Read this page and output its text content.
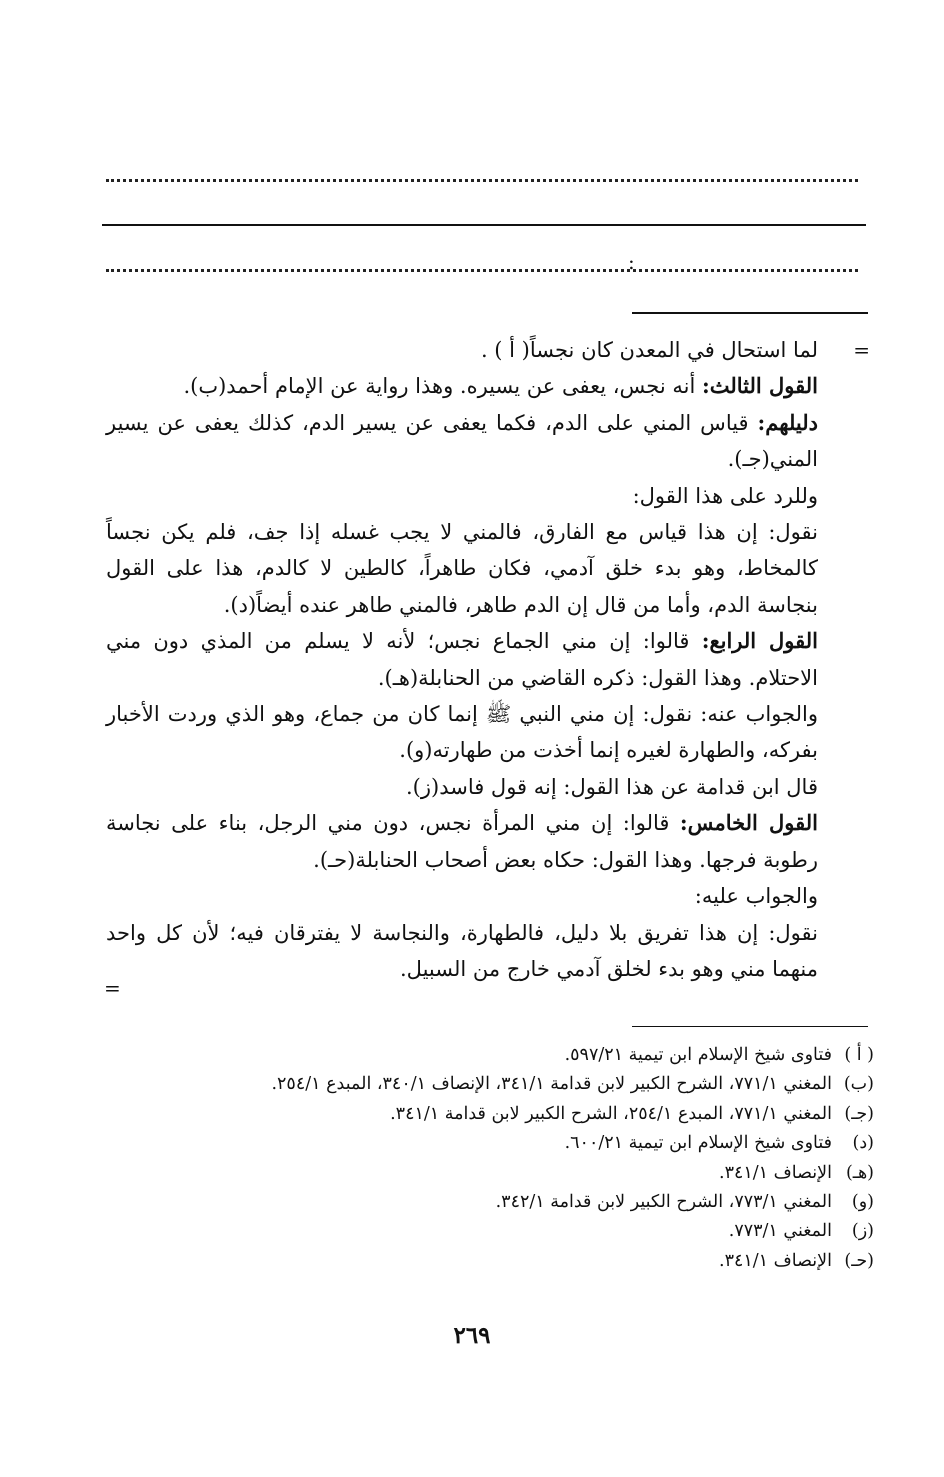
:
=
=

لما استحال في المعدن كان نجساً( أ ) .

القول الثالث: أنه نجس، يعفى عن يسيره. وهذا رواية عن الإمام أحمد(ب).

دليلهم: قياس المني على الدم، فكما يعفى عن يسير الدم، كذلك يعفى عن يسير المني(جـ).

وللرد على هذا القول:

نقول: إن هذا قياس مع الفارق، فالمني لا يجب غسله إذا جف، فلم يكن نجساً كالمخاط، وهو بدء خلق آدمي، فكان طاهراً، كالطين لا كالدم، هذا على القول بنجاسة الدم، وأما من قال إن الدم طاهر، فالمني طاهر عنده أيضاً(د).

القول الرابع: قالوا: إن مني الجماع نجس؛ لأنه لا يسلم من المذي دون مني الاحتلام. وهذا القول: ذكره القاضي من الحنابلة(هـ).

والجواب عنه: نقول: إن مني النبي ﷺ إنما كان من جماع، وهو الذي وردت الأخبار بفركه، والطهارة لغيره إنما أخذت من طهارته(و).

قال ابن قدامة عن هذا القول: إنه قول فاسد(ز).

القول الخامس: قالوا: إن مني المرأة نجس، دون مني الرجل، بناء على نجاسة رطوبة فرجها. وهذا القول: حكاه بعض أصحاب الحنابلة(حـ).

والجواب عليه:

نقول: إن هذا تفريق بلا دليل، فالطهارة، والنجاسة لا يفترقان فيه؛ لأن كل واحد منهما مني وهو بدء لخلق آدمي خارج من السبيل.

( أ )
فتاوى شيخ الإسلام ابن تيمية ٥٩٧/٢١.
(ب)
المغني ٧٧١/١، الشرح الكبير لابن قدامة ٣٤١/١، الإنصاف ٣٤٠/١، المبدع ٢٥٤/١.
(جـ)
المغني ٧٧١/١، المبدع ٢٥٤/١، الشرح الكبير لابن قدامة ٣٤١/١.
(د)
فتاوى شيخ الإسلام ابن تيمية ٦٠٠/٢١.
(هـ)
الإنصاف ٣٤١/١.
(و)
المغني ٧٧٣/١، الشرح الكبير لابن قدامة ٣٤٢/١.
(ز)
المغني ٧٧٣/١.
(حـ)
الإنصاف ٣٤١/١.
٢٦٩
